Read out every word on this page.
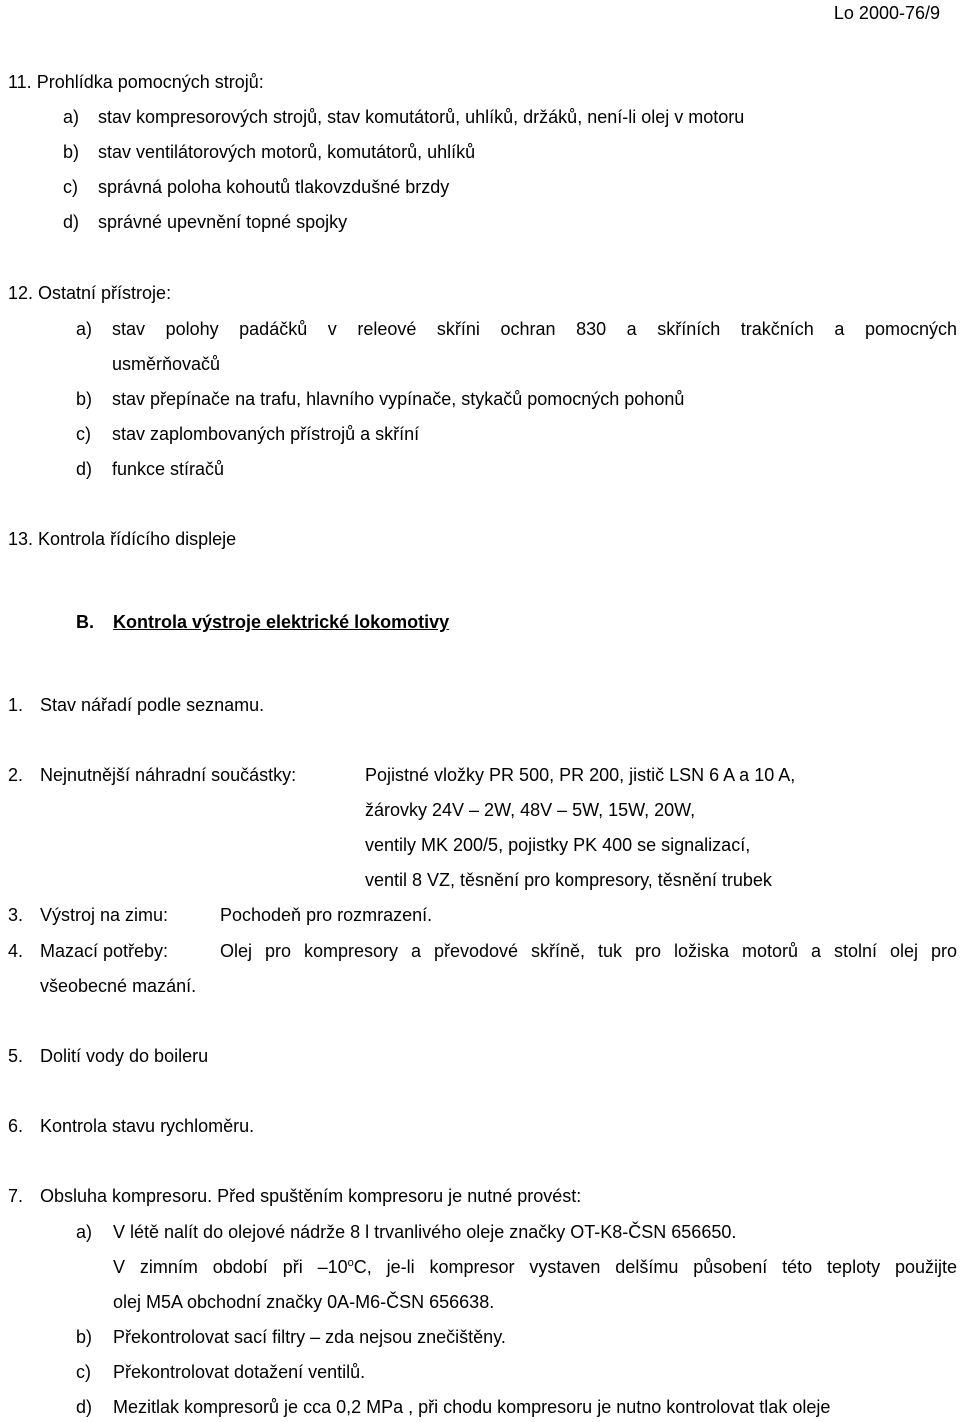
Lo 2000-76/9
11. Prohlídka pomocných strojů:
a) stav kompresorových strojů, stav komutátorů, uhlíků, držáků, není-li olej v motoru
b) stav ventilátorových motorů, komutátorů, uhlíků
c) správná poloha kohoutů tlakovzdušné brzdy
d) správné upevnění topné spojky
12. Ostatní přístroje:
a) stav polohy padáčků v releové skříni ochran 830 a skříních trakčních a pomocných
usměrňovačů
b) stav přepínače na trafu, hlavního vypínače, stykačů pomocných pohonů
c) stav zaplombovaných přístrojů a skříní
d) funkce stíračů
13. Kontrola řídícího displeje
B. Kontrola výstroje elektrické lokomotivy
1. Stav nářadí podle seznamu.
2. Nejnutnější náhradní součástky:	Pojistné vložky PR 500, PR 200, jistič LSN 6 A a 10 A,
žárovky 24V – 2W, 48V – 5W, 15W, 20W,
ventily MK 200/5, pojistky PK 400 se signalizací,
ventil 8 VZ, těsnění pro kompresory, těsnění trubek
3. Výstroj na zimu:	Pochodeň pro rozmrazení.
4. Mazací potřeby:	Olej pro kompresory a převodové skříně, tuk pro ložiska motorů a stolní olej pro
všeobecné mazání.
5. Dolití vody do boileru
6. Kontrola stavu rychloměru.
7. Obsluha kompresoru. Před spuštěním kompresoru je nutné provést:
a) V létě nalít do olejové nádrže 8 l trvanlivého oleje značky OT-K8-ČSN 656650.
V zimním období při –10$^o$C, je-li kompresor vystaven delšímu působení této teploty použijte
olej M5A obchodní značky 0A-M6-ČSN 656638.
b) Překontrolovat sací filtry – zda nejsou znečištěny.
c) Překontrolovat dotažení ventilů.
d) Mezitlak kompresorů je cca 0,2 MPa , při chodu kompresoru je nutno kontrolovat tlak oleje
